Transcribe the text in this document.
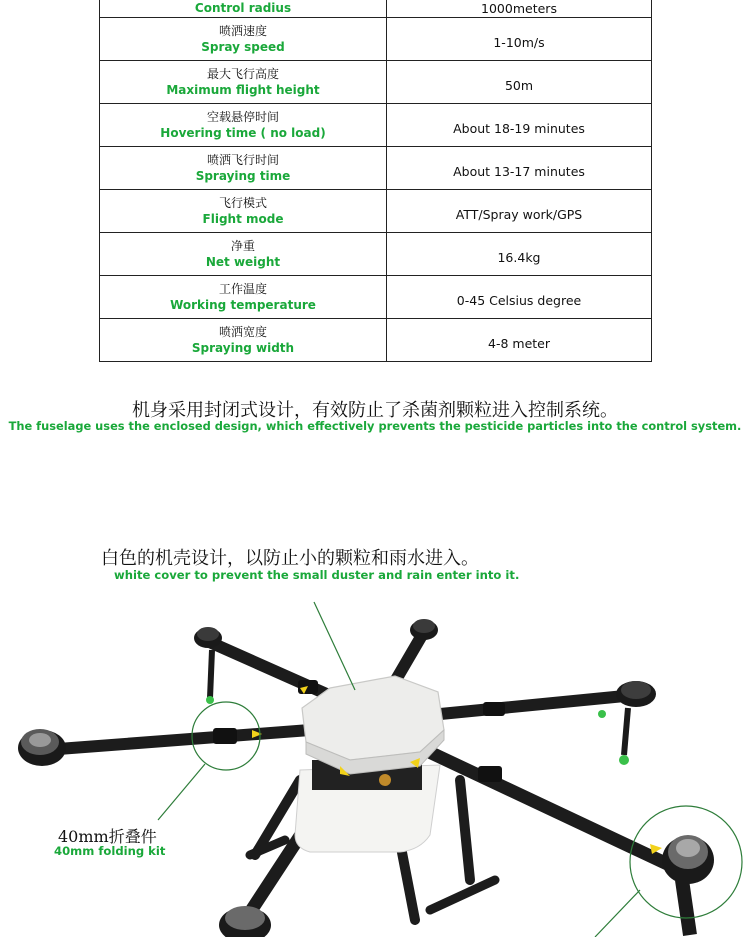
Control radius	1000meters

喷洒速度
Spray speed	1-10m/s

最大飞行高度
Maximum flight height	50m

空载悬停时间
Hovering time ( no load)	About 18-19 minutes

喷洒飞行时间
Spraying time	About 13-17 minutes

飞行模式
Flight mode	ATT/Spray work/GPS

净重
Net weight	16.4kg

工作温度
Working temperature	0-45 Celsius degree

喷洒宽度
Spraying width	4-8 meter
机身采用封闭式设计，有效防止了杀菌剂颗粒进入控制系统。
The fuselage uses the enclosed design, which effectively prevents the pesticide particles into the control system.
白色的机壳设计，以防止小的颗粒和雨水进入。
white cover to prevent the small duster and rain enter into it.
40mm折叠件
40mm folding kit
